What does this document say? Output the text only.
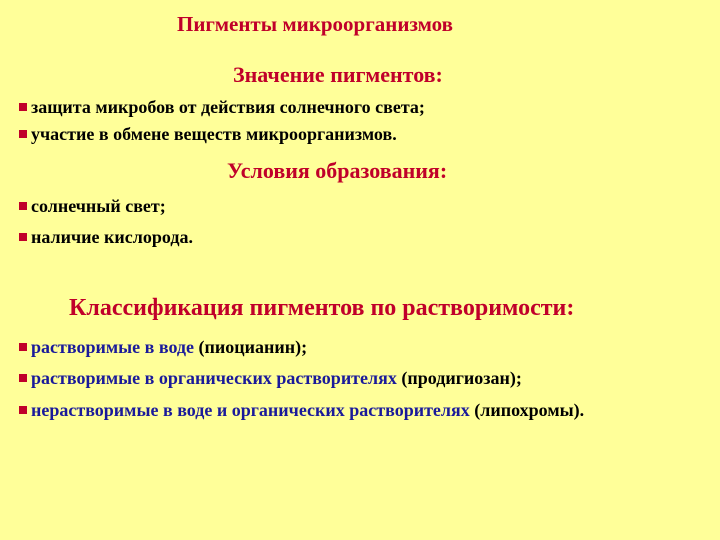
Пигменты микроорганизмов
Значение пигментов:
защита микробов от действия солнечного света;
участие в обмене веществ микроорганизмов.
Условия образования:
солнечный свет;
наличие кислорода.
Классификация пигментов по растворимости:
растворимые в воде (пиоцианин);
растворимые в органических растворителях (продигиозан);
нерастворимые в воде и органических растворителях (липохромы).
